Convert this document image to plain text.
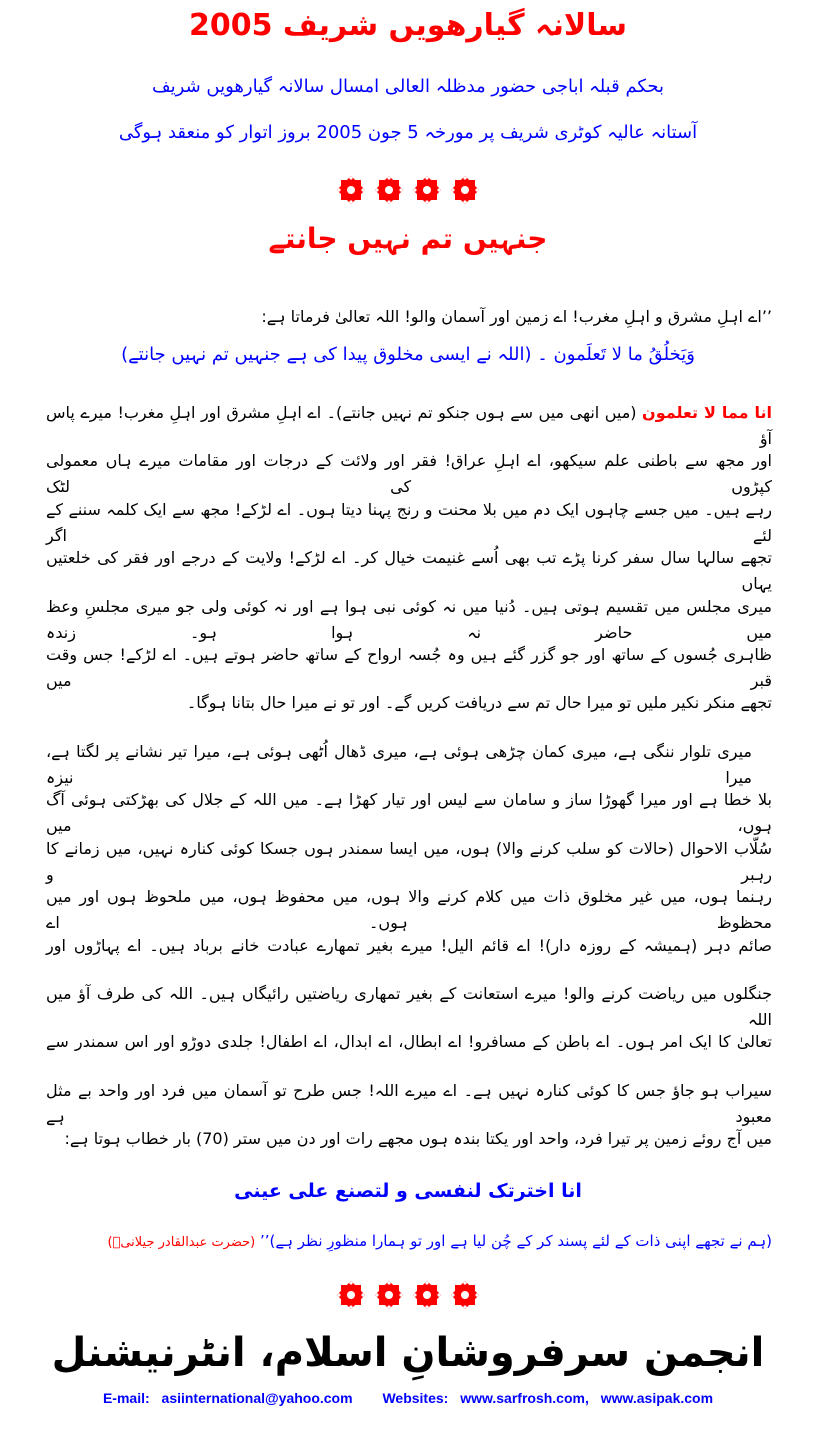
سالانہ گیارھویں شریف 2005
بحکم قبلہ اباجی حضور مدظلہ العالی امسال سالانہ گیارھویں شریف
آستانہ عالیہ کوٹری شریف پر مورخہ 5 جون 2005 بروز اتوار کو منعقد ہوگی
جنہیں تم نہیں جانتے
’’اے اہلِ مشرق و اہلِ مغرب! اے زمین اور آسمان والو! اللہ تعالیٰ فرماتا ہے:
وَيَخلُقُ ما لا تَعلَمون ۔ (اللہ نے ایسی مخلوق پیدا کی ہے جنہیں تم نہیں جانتے)
انا مما لا تعلمون (میں انھی میں سے ہوں جنکو تم نہیں جانتے)۔ اے اہلِ مشرق اور اہلِ مغرب! میرے پاس آؤ
اور مجھ سے باطنی علم سیکھو، اے اہلِ عراق! فقر اور ولائت کے درجات اور مقامات میرے ہاں معمولی کپڑوں کی لٹک
رہے ہیں۔ میں جسے چاہوں ایک دم میں بلا محنت و رنج پہنا دیتا ہوں۔ اے لڑکے! مجھ سے ایک کلمہ سننے کے لئے اگر
تجھے سالہا سال سفر کرنا پڑے تب بھی اُسے غنیمت خیال کر۔ اے لڑکے! ولایت کے درجے اور فقر کی خلعتیں یہاں
میری مجلس میں تقسیم ہوتی ہیں۔ دُنیا میں نہ کوئی نبی ہوا ہے اور نہ کوئی ولی جو میری مجلسِ وعظ میں حاضر نہ ہوا ہو۔ زندہ
ظاہری جُسوں کے ساتھ اور جو گزر گئے ہیں وہ جُسہ ارواح کے ساتھ حاضر ہوتے ہیں۔ اے لڑکے! جس وقت قبر میں
تجھے منکر نکیر ملیں تو میرا حال تم سے دریافت کریں گے۔ اور تو نے میرا حال بتانا ہوگا۔
میری تلوار ننگی ہے، میری کمان چڑھی ہوئی ہے، میری ڈھال اُٹھی ہوئی ہے، میرا تیر نشانے پر لگتا ہے، میرا نیزہ
بلا خطا ہے اور میرا گھوڑا ساز و سامان سے لیس اور تیار کھڑا ہے۔ میں اللہ کے جلال کی بھڑکتی ہوئی آگ ہوں، میں
سُلّاب الاحوال (حالات کو سلب کرنے والا) ہوں، میں ایسا سمندر ہوں جسکا کوئی کنارہ نہیں، میں زمانے کا رہبر و
رہنما ہوں، میں غیر مخلوق ذات میں کلام کرنے والا ہوں، میں محفوظ ہوں، میں ملحوظ ہوں اور میں محظوظ ہوں۔ اے
صائم دہر (ہمیشہ کے روزہ دار)! اے قائم الیل! میرے بغیر تمھارے عبادت خانے برباد ہیں۔ اے پہاڑوں اور
جنگلوں میں ریاضت کرنے والو! میرے استعانت کے بغیر تمھاری ریاضتیں رائیگاں ہیں۔ اللہ کی طرف آؤ میں اللہ
تعالیٰ کا ایک امر ہوں۔ اے باطن کے مسافرو! اے ابطال، اے ابدال، اے اطفال! جلدی دوڑو اور اس سمندر سے
سیراب ہو جاؤ جس کا کوئی کنارہ نہیں ہے۔ اے میرے اللہ! جس طرح تو آسمان میں فرد اور واحد بے مثل معبود ہے
میں آج روئے زمین پر تیرا فرد، واحد اور یکتا بندہ ہوں مجھے رات اور دن میں ستر (70) بار خطاب ہوتا ہے:
انا اخترتک لنفسی و لتصنع علی عینی
(ہم نے تجھے اپنی ذات کے لئے پسند کر کے چُن لیا ہے اور تو ہمارا منظورِ نظر ہے)’’ (حضرت عبدالقادر جیلانیؓ)
انجمن سرفروشانِ اسلام، انٹرنیشنل
E-mail: asiinternational@yahoo.com Websites: www.sarfrosh.com, www.asipak.com
